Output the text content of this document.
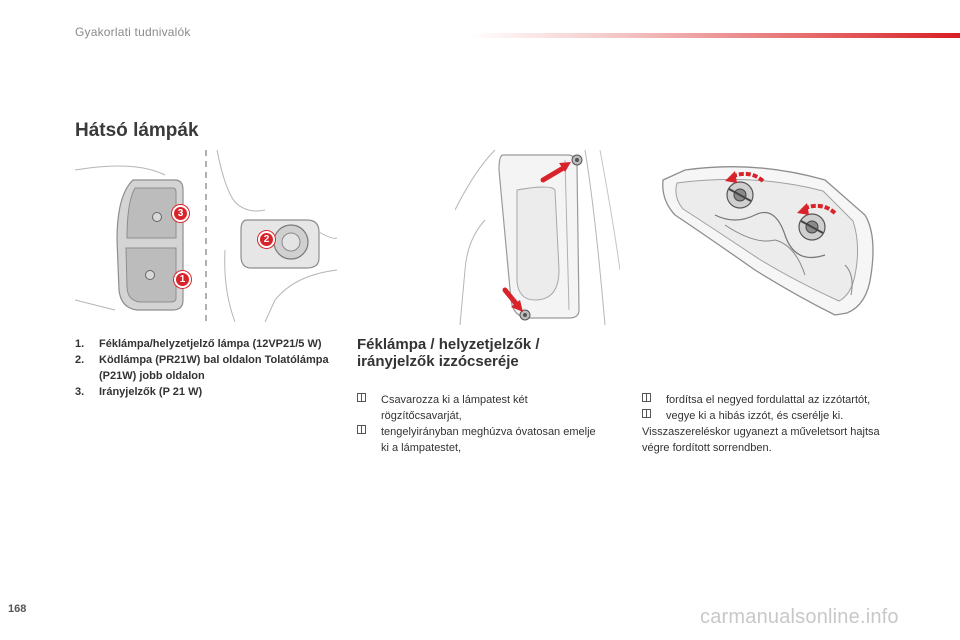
Gyakorlati tudnivalók
Hátsó lámpák
3
1
2
1. Féklámpa/helyzetjelző lámpa (12VP21/5 W)
2. Ködlámpa (PR21W) bal oldalon Tolatólámpa (P21W) jobb oldalon
3. Irányjelzők (P 21 W)
Féklámpa / helyzetjelzők / irányjelzők izzócseréje
Csavarozza ki a lámpatest két rögzítőcsavarját,
tengelyirányban meghúzva óvatosan emelje ki a lámpatestet,
fordítsa el negyed fordulattal az izzótartót,
vegye ki a hibás izzót, és cserélje ki.

Visszaszereléskor ugyanezt a műveletsort hajtsa végre fordított sorrendben.

168	carmanualsonline.info
